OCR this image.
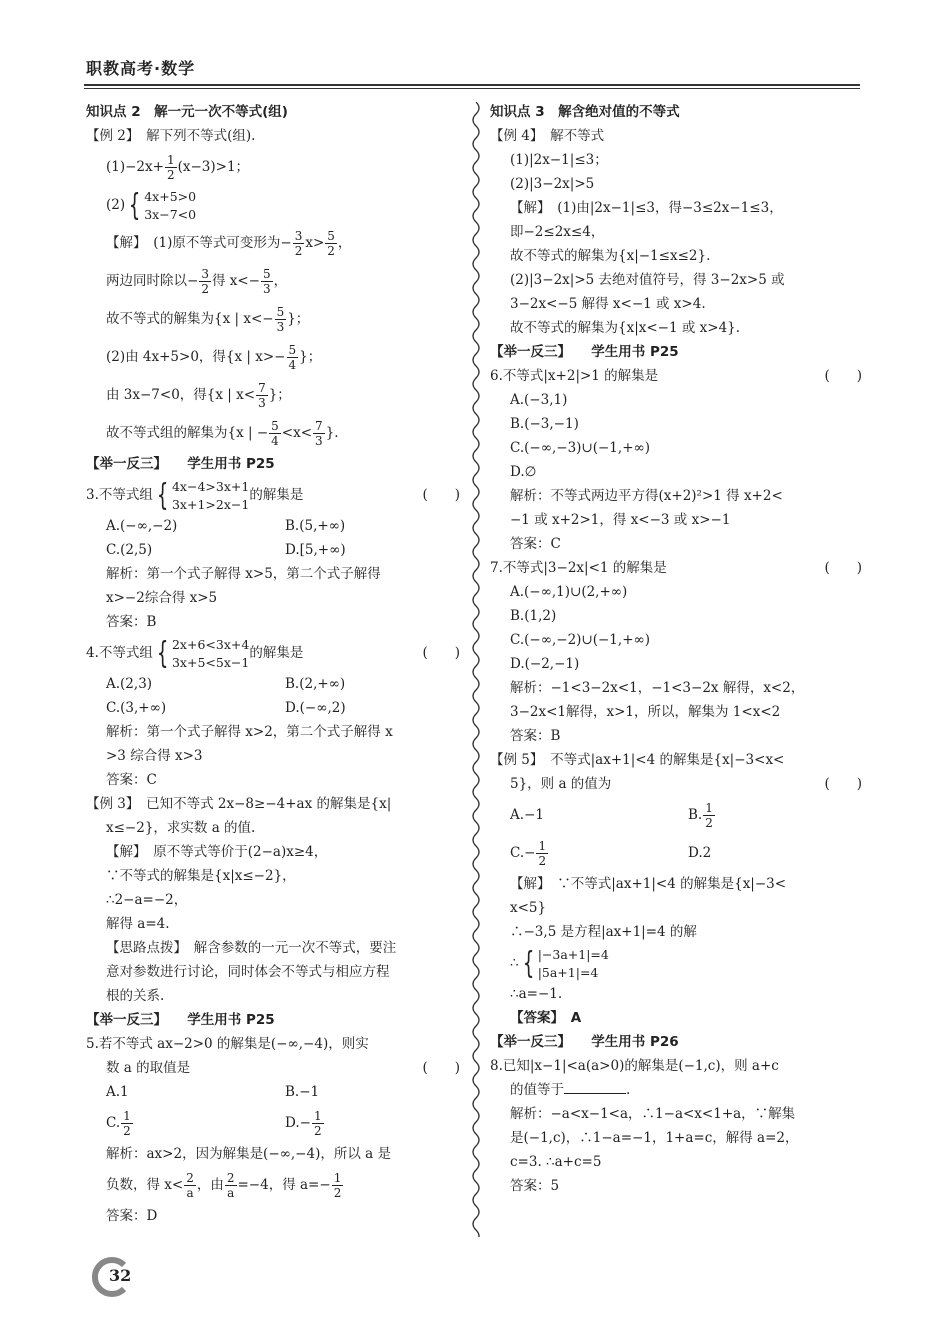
职教高考·数学
知识点 2　解一元一次不等式(组)
【例 2】　解下列不等式(组).
$(1)-2x+ \frac{1}{2} (x-3)>1$；
(2) { 4x+5>0
3x−7<0
【解】　(1)原不等式可变形为− $\frac{3}{2} x> \frac{5}{2}$ ，
两边同时除以− $\frac{3}{2}$ 得 $x<- \frac{5}{3}$ ，
故不等式的解集为{x | $x<- \frac{5}{3}$ }；
(2)由 4x+5>0，得{x | $x>- \frac{5}{4}$ }；
由 3x−7<0，得{x | $x< \frac{7}{3}$ }；
故不等式组的解集为{x | − $\frac{5}{4} <x< \frac{7}{3}$ }.
【举一反三】　　学生用书 P25
3.不等式组 { 4x−4>3x+1
3x+1>2x−1
的解集是	(　　)
A.(−∞,−2)	B.(5,+∞)
C.(2,5)	D.[5,+∞)
解析：第一个式子解得 x>5，第二个式子解得
x>−2综合得 x>5
答案：B
4.不等式组 { 2x+6<3x+4
3x+5<5x−1
的解集是	(　　)
A.(2,3)	B.(2,+∞)
C.(3,+∞)	D.(−∞,2)
解析：第一个式子解得 x>2，第二个式子解得 x
>3 综合得 x>3
答案：C
【例 3】　已知不等式 2x−8≥−4+ax 的解集是{x|
x≤−2}，求实数 a 的值.
【解】　原不等式等价于(2−a)x≥4，
∵不等式的解集是{x|x≤−2}，
∴2−a=−2，
解得 a=4.
【思路点拨】　解含参数的一元一次不等式，要注
意对参数进行讨论，同时体会不等式与相应方程
根的关系.
【举一反三】　　学生用书 P25
5.若不等式 ax−2>0 的解集是(−∞,−4)，则实
数 a 的取值是	(　　)
A.1	B.−1
C. $\frac{1}{2}$	$D.- \frac{1}{2}$
解析：ax>2，因为解集是(−∞,−4)，所以 a 是
负数，得 $x< \frac{2}{a}$ ，由 $\frac{2}{a} =-4$，得 $a=- \frac{1}{2}$
答案：D
知识点 3　解含绝对值的不等式
【例 4】　解不等式
(1)|2x−1|≤3；
(2)|3−2x|>5
【解】　(1)由|2x−1|≤3，得−3≤2x−1≤3，
即−2≤2x≤4，
故不等式的解集为{x|−1≤x≤2}.
(2)|3−2x|>5 去绝对值符号，得 3−2x>5 或
3−2x<−5 解得 x<−1 或 x>4.
故不等式的解集为{x|x<−1 或 x>4}.
【举一反三】　　学生用书 P25
6.不等式|x+2|>1 的解集是	(　　)
A.(−3,1)
B.(−3,−1)
C.(−∞,−3)∪(−1,+∞)
D.∅
解析：不等式两边平方得(x+2)²>1 得 x+2<
−1 或 x+2>1，得 x<−3 或 x>−1
答案：C
7.不等式|3−2x|<1 的解集是	(　　)
A.(−∞,1)∪(2,+∞)
B.(1,2)
C.(−∞,−2)∪(−1,+∞)
D.(−2,−1)
解析：−1<3−2x<1，−1<3−2x 解得，x<2，
3−2x<1解得，x>1，所以，解集为 1<x<2
答案：B
【例 5】　不等式|ax+1|<4 的解集是{x|−3<x<
5}，则 a 的值为	(　　)
A.−1	B. $\frac{1}{2}$
$C.- \frac{1}{2}$	D.2
【解】　∵不等式|ax+1|<4 的解集是{x|−3<
x<5}
∴−3,5 是方程|ax+1|=4 的解
∴ { |−3a+1|=4
|5a+1|=4
∴a=−1.
【答案】　A
【举一反三】　　学生用书 P26
8.已知|x−1|<a(a>0)的解集是(−1,c)，则 a+c
的值等于	.
解析：−a<x−1<a，∴1−a<x<1+a，∵解集
是(−1,c)，∴1−a=−1，1+a=c，解得 a=2，
c=3. ∴a+c=5
答案：5
32
